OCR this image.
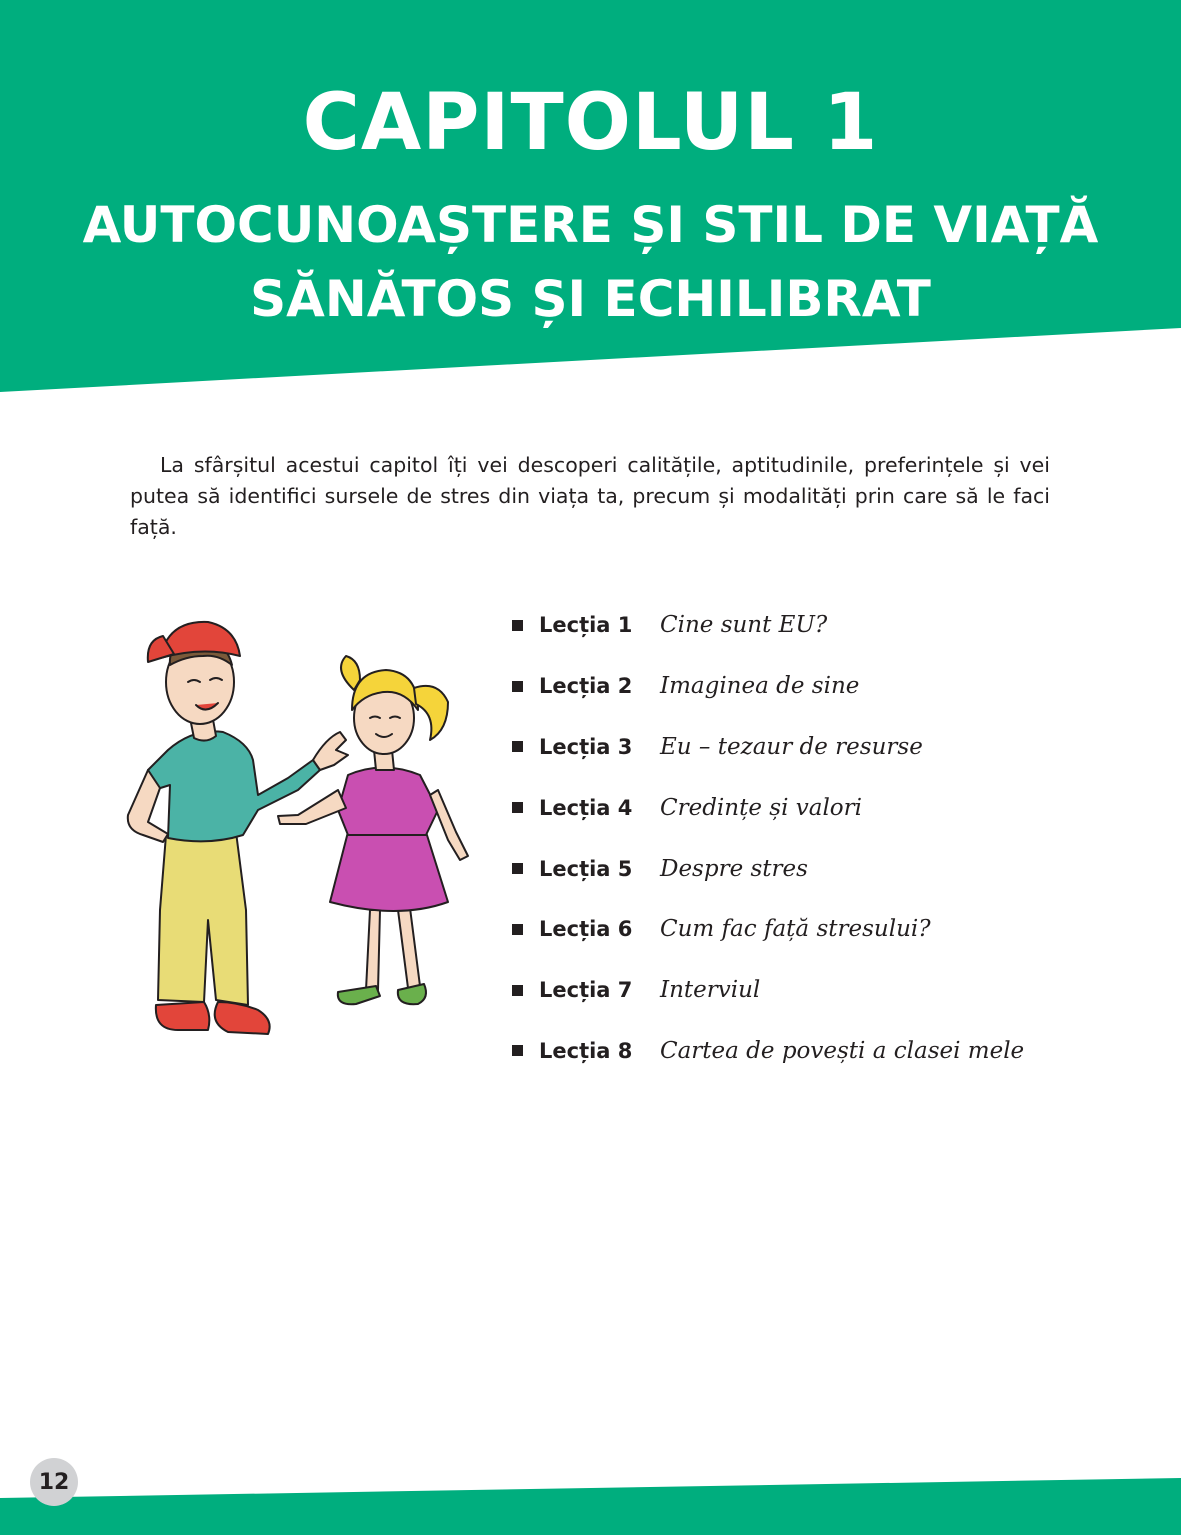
CAPITOLUL 1
AUTOCUNOAȘTERE ȘI STIL DE VIAȚĂ
SĂNĂTOS ȘI ECHILIBRAT

La sfârșitul acestui capitol îți vei descoperi calitățile, aptitudinile, preferințele și vei putea să identifici sursele de stres din viața ta, precum și modalități prin care să le faci față.

Lecția 1	Cine sunt EU?
Lecția 2	Imaginea de sine
Lecția 3	Eu – tezaur de resurse
Lecția 4	Credințe și valori
Lecția 5	Despre stres
Lecția 6	Cum fac față stresului?
Lecția 7	Interviul
Lecția 8	Cartea de povești a clasei mele
12
